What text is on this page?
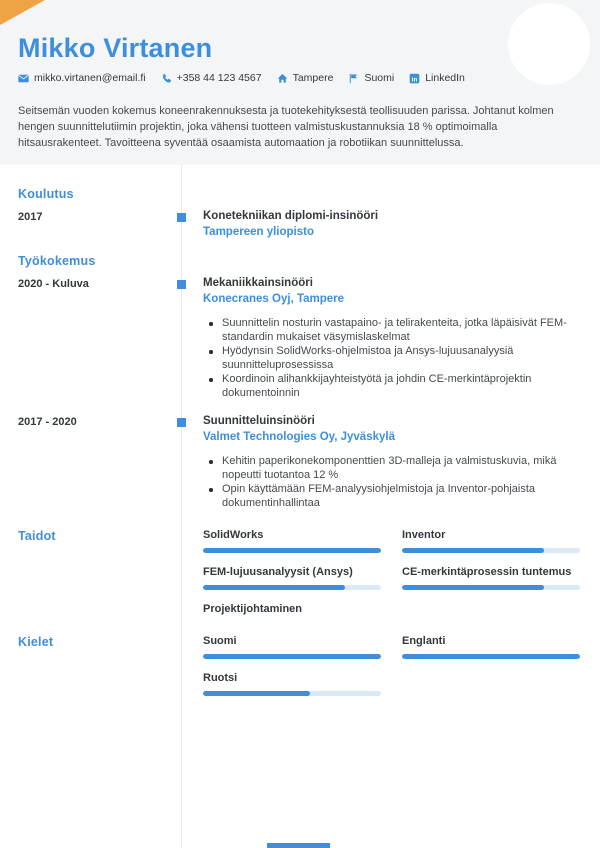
Mikko Virtanen
mikko.virtanen@email.fi	+358 44 123 4567	Tampere	Suomi in LinkedIn

Seitsemän vuoden kokemus koneenrakennuksesta ja tuotekehityksestä teollisuuden parissa. Johtanut kolmen hengen suunnittelutiimin projektin, joka vähensi tuotteen valmistuskustannuksia 18 % optimoimalla hitsausrakenteet. Tavoitteena syventää osaamista automaation ja robotiikan suunnittelussa.

Koulutus
2017	Konetekniikan diplomi-insinööri
Tampereen yliopisto
Työkokemus
2020 - Kuluva	Mekaniikkainsinööri
Konecranes Oyj, Tampere
Suunnittelin nosturin vastapaino- ja telirakenteita, jotka läpäisivät FEM-standardin mukaiset väsymislaskelmat
Hyödynsin SolidWorks-ohjelmistoa ja Ansys-lujuusanalyysiä suunnitteluprosessissa
Koordinoin alihankkijayhteistyötä ja johdin CE-merkintäprojektin dokumentoinnin
2017 - 2020	Suunnitteluinsinööri
Valmet Technologies Oy, Jyväskylä
Kehitin paperikonekomponenttien 3D-malleja ja valmistuskuvia, mikä nopeutti tuotantoa 12 %
Opin käyttämään FEM-analyysiohjelmistoja ja Inventor-pohjaista dokumentinhallintaa
Taidot	SolidWorks	Inventor
FEM-lujuusanalyysit (Ansys)	CE-merkintäprosessin tuntemus
Projektijohtaminen
Kielet	Suomi	Englanti
Ruotsi
